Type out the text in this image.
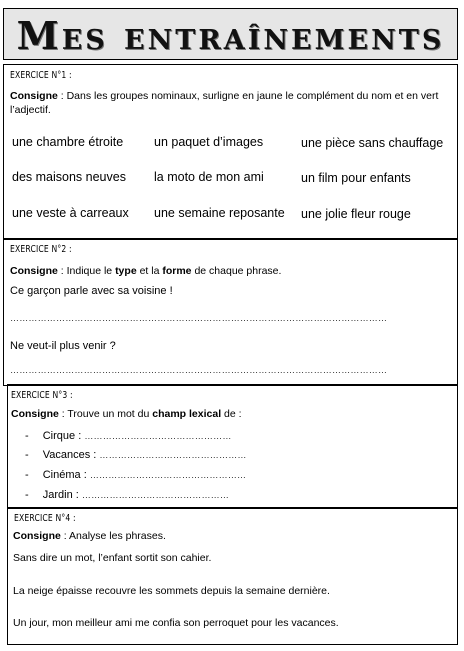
Mes entraînements
EXERCICE N°1 :
Consigne : Dans les groupes nominaux, surligne en jaune le complément du nom et en vert l’adjectif.
une chambre étroite un paquet d’images	une pièce sans chauffage
des maisons neuves la moto de mon ami	un film pour enfants
une veste à carreaux une semaine reposante une jolie fleur rouge
EXERCICE N°2 :
Consigne : Indique le type et la forme de chaque phrase.
Ce garçon parle avec sa voisine !
……………………………………………………………………………………………………………
Ne veut-il plus venir ?
……………………………………………………………………………………………………………
EXERCICE N°3 :
Consigne : Trouve un mot du champ lexical de :
- Cirque : …………………………………………
- Vacances : …………………………………………
- Cinéma : ……………………………………………
- Jardin : …………………………………………
EXERCICE N°4 :
Consigne : Analyse les phrases.
Sans dire un mot, l’enfant sortit son cahier.
La neige épaisse recouvre les sommets depuis la semaine dernière.
Un jour, mon meilleur ami me confia son perroquet pour les vacances.
